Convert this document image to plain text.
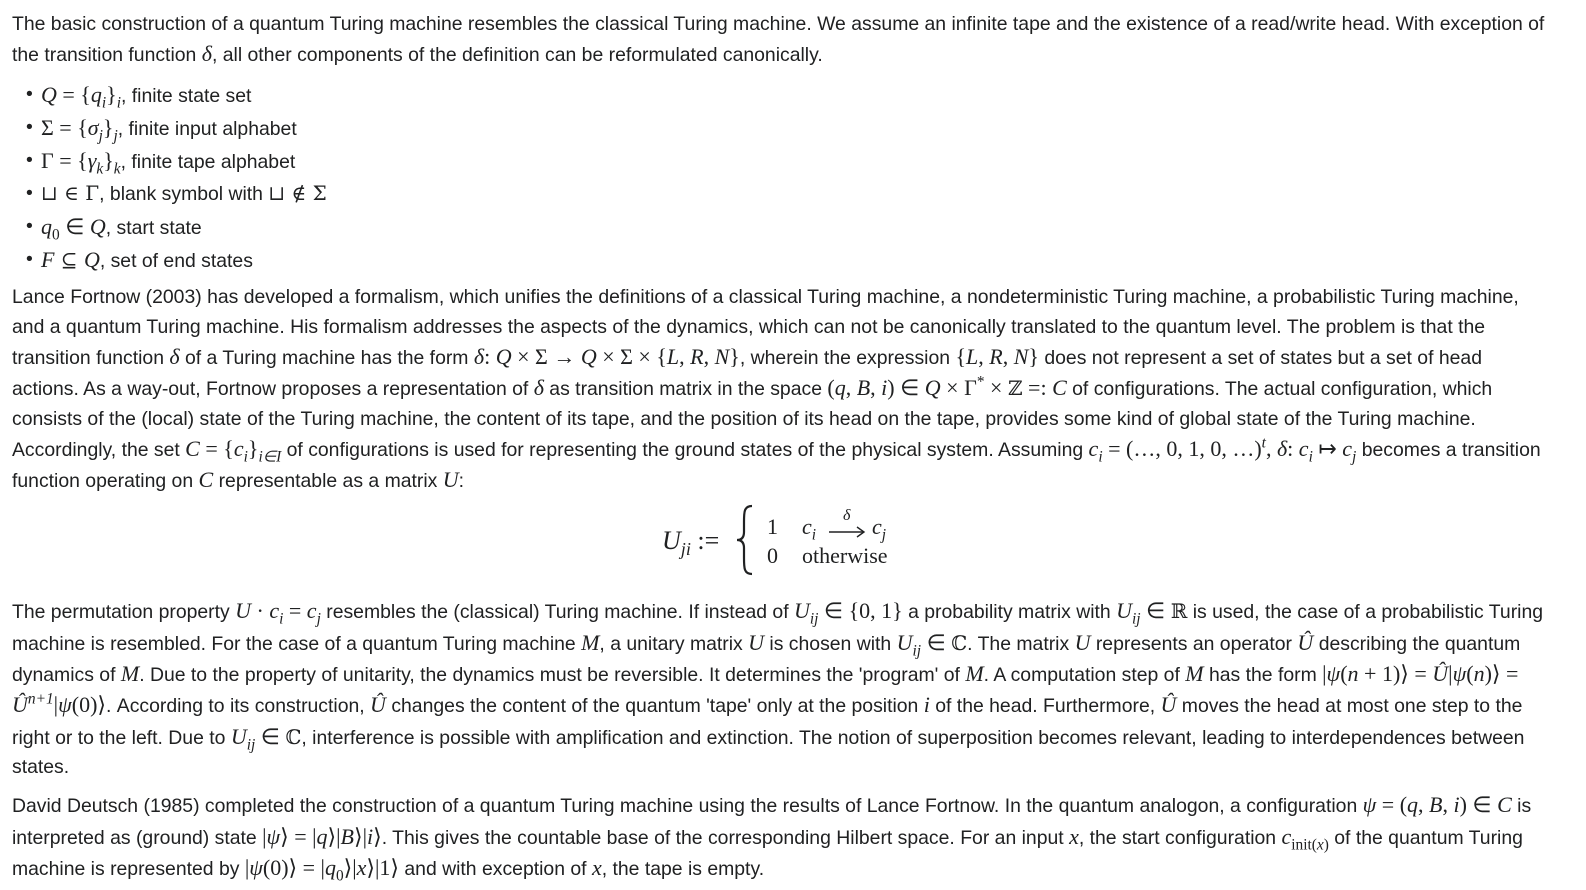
The basic construction of a quantum Turing machine resembles the classical Turing machine. We assume an infinite tape and the existence of a read/write head. With exception of the transition function δ, all other components of the definition can be reformulated canonically.

• $Q = \{q_i\}_i$, finite state set
• $\Sigma = \{\sigma_j\}_j$, finite input alphabet
• $\Gamma = \{\gamma_k\}_k$, finite tape alphabet
• ⊔ ∈ Γ, blank symbol with ⊔ ∉ Σ
• $q_0$ ∈ Q, start state
• F ⊆ Q, set of end states

Lance Fortnow (2003) has developed a formalism, which unifies the definitions of a classical Turing machine, a nondeterministic Turing machine, a probabilistic Turing machine, and a quantum Turing machine. His formalism addresses the aspects of the dynamics, which can not be canonically translated to the quantum level. The problem is that the transition function δ of a Turing machine has the form δ: Q × Σ → Q × Σ × {L, R, N}, wherein the expression {L, R, N} does not represent a set of states but a set of head actions. As a way-out, Fortnow proposes a representation of δ as transition matrix in the space (q, B, i) ∈ Q × Γ* × ℤ =: C of configurations. The actual configuration, which consists of the (local) state of the Turing machine, the content of its tape, and the position of its head on the tape, provides some kind of global state of the Turing machine. Accordingly, the set $C = \{c_i\}_{i\in I}$ of configurations is used for representing the ground states of the physical system. Assuming $c_i$ = (…, 0, 1, 0, …)$^t$, δ: $c_i$ ↦ $c_j$ becomes a transition function operating on C representable as a matrix U:

$U_{ji}$ := 1 $c_i$
δ $c_j$
0 otherwise

The permutation property $U \cdot c_i = c_j$ resembles the (classical) Turing machine. If instead of $U_{ij}$ ∈ {0, 1} a probability matrix with $U_{ij}$ ∈ ℝ is used, the case of a probabilistic Turing machine is resembled. For the case of a quantum Turing machine M, a unitary matrix U is chosen with $U_{ij}$ ∈ ℂ. The matrix U represents an operator Û describing the quantum dynamics of M. Due to the property of unitarity, the dynamics must be reversible. It determines the 'program' of M. A computation step of M has the form |ψ(n + 1)⟩ = Û|ψ(n)⟩ = $Û^{n+1}|\psi(0)⟩$. According to its construction, Û changes the content of the quantum 'tape' only at the position i of the head. Furthermore, Û moves the head at most one step to the right or to the left. Due to $U_{ij}$ ∈ ℂ, interference is possible with amplification and extinction. The notion of superposition becomes relevant, leading to interdependences between states.

David Deutsch (1985) completed the construction of a quantum Turing machine using the results of Lance Fortnow. In the quantum analogon, a configuration ψ = (q, B, i) ∈ C is interpreted as (ground) state |ψ⟩ = |q⟩|B⟩|i⟩. This gives the countable base of the corresponding Hilbert space. For an input x, the start configuration $c_{init(x)}$ of the quantum Turing machine is represented by |ψ(0)⟩ = $|q_0⟩|x⟩|1⟩$ and with exception of x, the tape is empty.
